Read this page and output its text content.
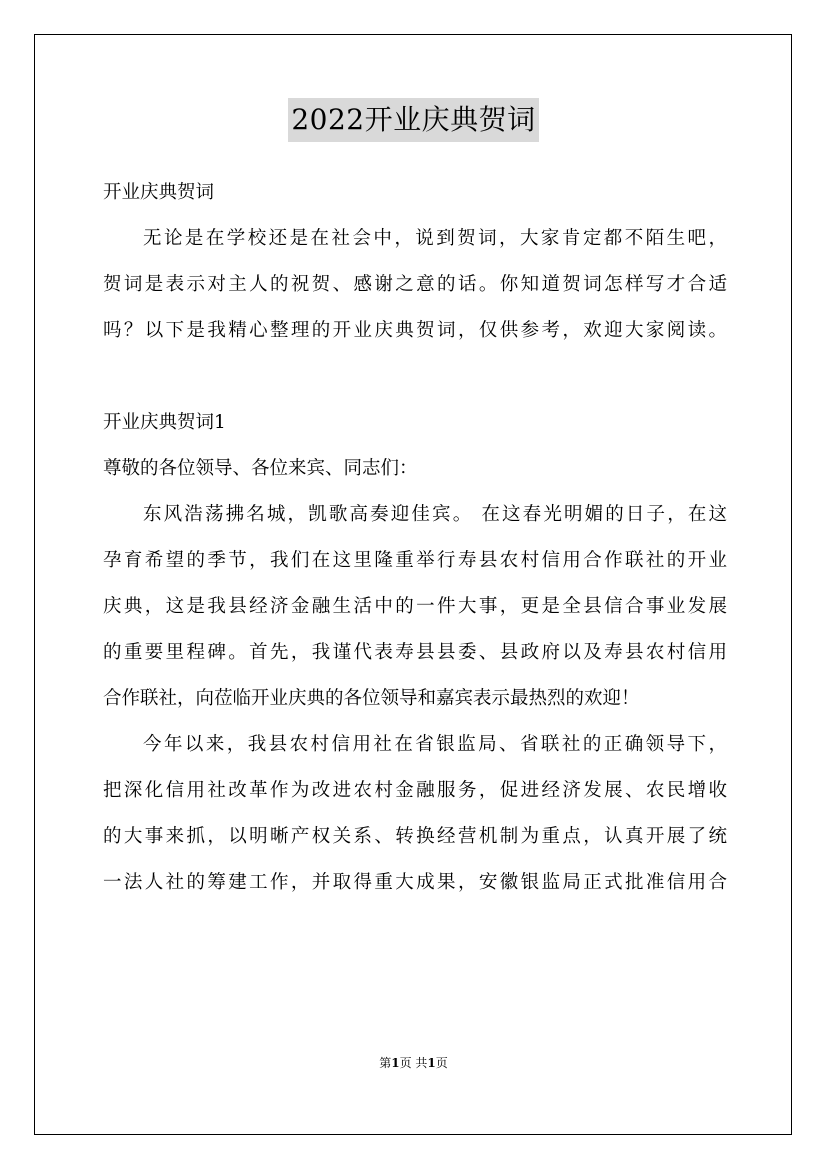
2022开业庆典贺词
开业庆典贺词
无论是在学校还是在社会中，说到贺词，大家肯定都不陌生吧，
贺词是表示对主人的祝贺、感谢之意的话。你知道贺词怎样写才合适
吗？以下是我精心整理的开业庆典贺词，仅供参考，欢迎大家阅读。
开业庆典贺词1
尊敬的各位领导、各位来宾、同志们：
东风浩荡拂名城，凯歌高奏迎佳宾。 在这春光明媚的日子，在这
孕育希望的季节，我们在这里隆重举行寿县农村信用合作联社的开业
庆典，这是我县经济金融生活中的一件大事，更是全县信合事业发展
的重要里程碑。首先，我谨代表寿县县委、县政府以及寿县农村信用
合作联社，向莅临开业庆典的各位领导和嘉宾表示最热烈的欢迎！
今年以来，我县农村信用社在省银监局、省联社的正确领导下，
把深化信用社改革作为改进农村金融服务，促进经济发展、农民增收
的大事来抓，以明晰产权关系、转换经营机制为重点，认真开展了统
一法人社的筹建工作，并取得重大成果，安徽银监局正式批准信用合
第1页 共1页
